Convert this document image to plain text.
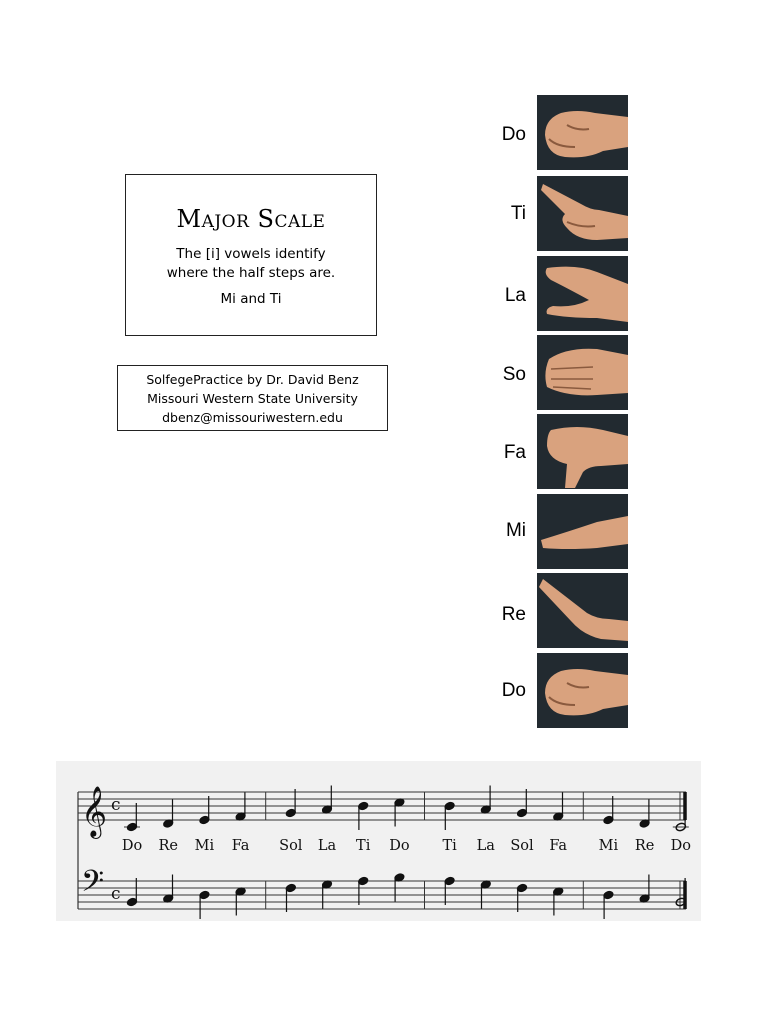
Major Scale
The [i] vowels identify
where the half steps are.
Mi and Ti
SolfegePractice by Dr. David Benz
Missouri Western State University
dbenz@missouriwestern.edu
Do
Ti
La
So
Fa
Mi
Re
Do
𝄞
𝄢
c
c
Do Re Mi Fa Sol La Ti Do Ti La Sol Fa Mi Re Do
